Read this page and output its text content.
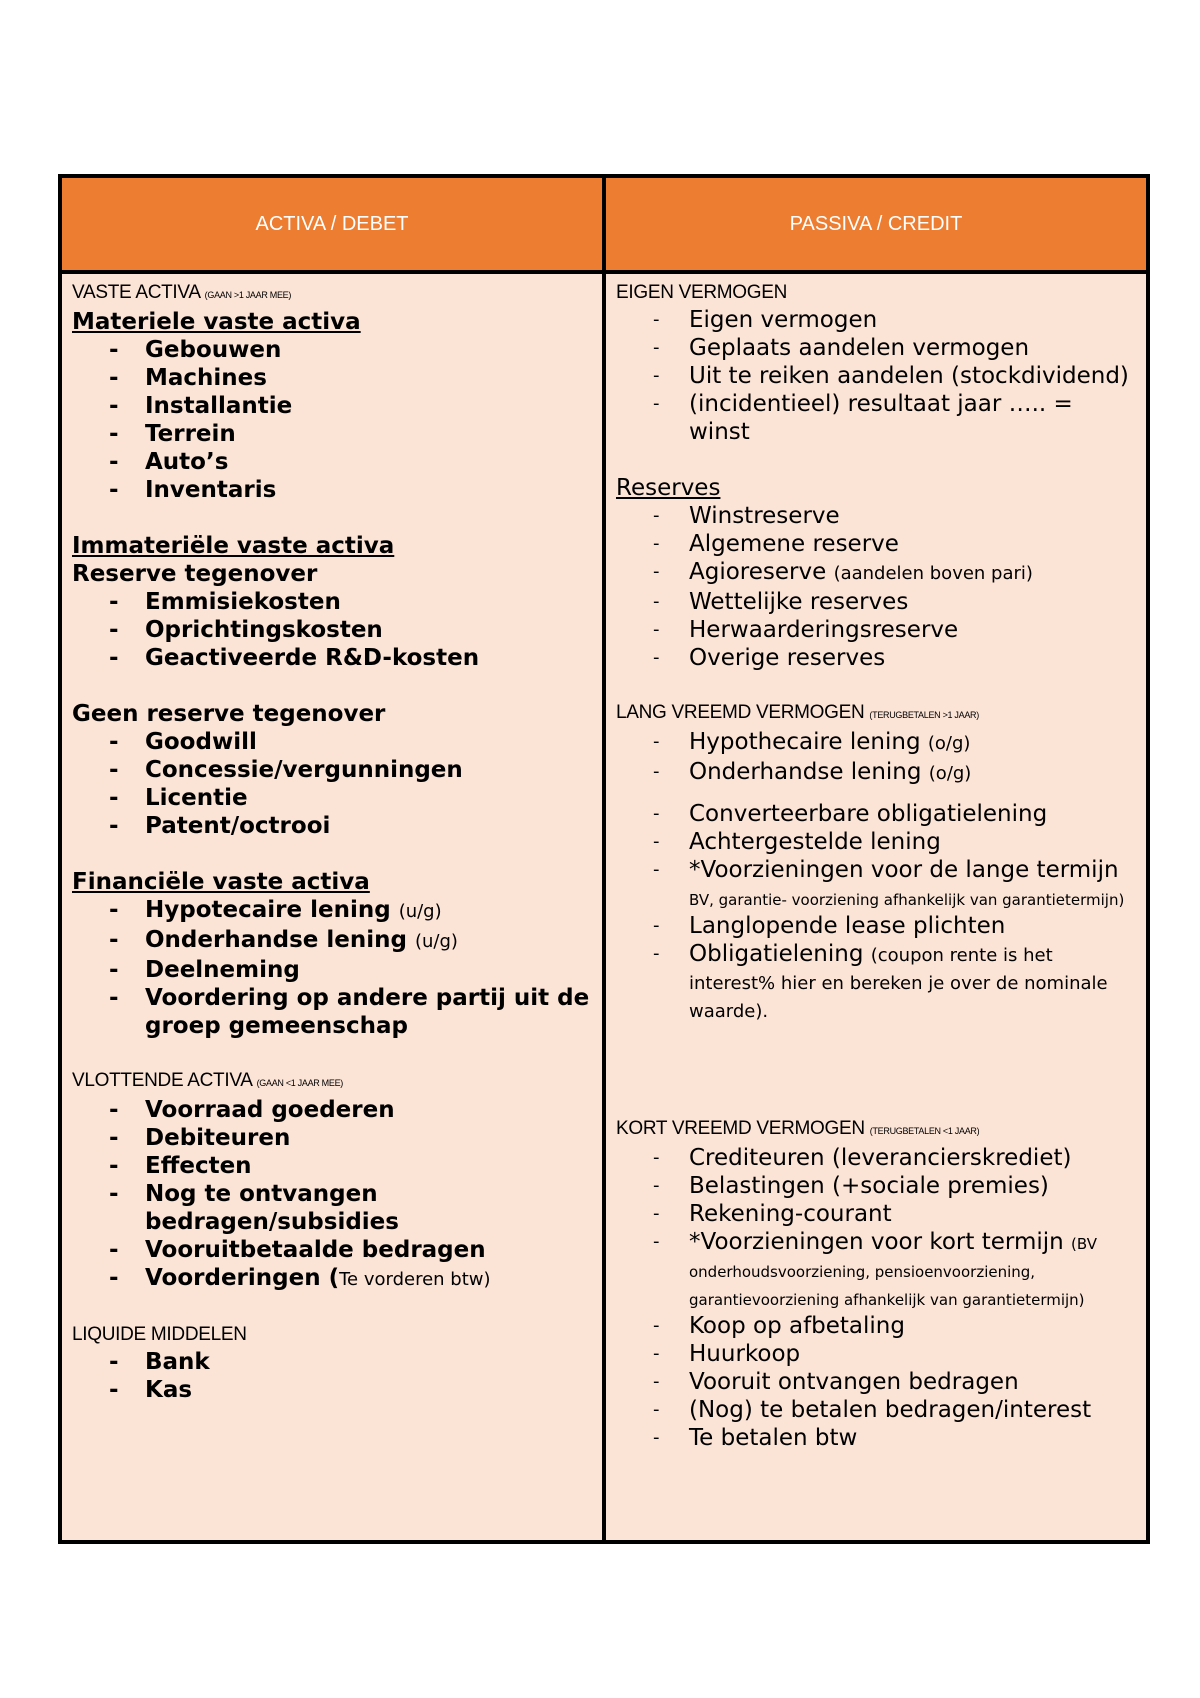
ACTIVA / DEBET	PASSIVA / CREDIT
VASTE ACTIVA (GAAN >1 JAAR MEE)
Materiele vaste activa
- Gebouwen
- Machines
- Installantie
- Terrein
- Auto’s
- Inventaris
Immateriële vaste activa
Reserve tegenover
- Emmisiekosten
- Oprichtingskosten
- Geactiveerde R&D-kosten
Geen reserve tegenover
- Goodwill
- Concessie/vergunningen
- Licentie
- Patent/octrooi
Financiële vaste activa
- Hypotecaire lening (u/g)
- Onderhandse lening (u/g)
- Deelneming
- Voordering op andere partij uit de groep gemeenschap
VLOTTENDE ACTIVA (GAAN <1 JAAR MEE)
- Voorraad goederen
- Debiteuren
- Effecten
- Nog te ontvangen bedragen/subsidies
- Vooruitbetaalde bedragen
- Voorderingen (Te vorderen btw)
LIQUIDE MIDDELEN
- Bank
- Kas
EIGEN VERMOGEN
- Eigen vermogen
- Geplaats aandelen vermogen
- Uit te reiken aandelen (stockdividend)
- (incidentieel) resultaat jaar ….. = winst
Reserves
- Winstreserve
- Algemene reserve
- Agioreserve (aandelen boven pari)
- Wettelijke reserves
- Herwaarderingsreserve
- Overige reserves
LANG VREEMD VERMOGEN (TERUGBETALEN >1 JAAR)
- Hypothecaire lening (o/g)
- Onderhandse lening (o/g)
- Converteerbare obligatielening
- Achtergestelde lening
- *Voorzieningen voor de lange termijn BV, garantie- voorziening afhankelijk van garantietermijn)
- Langlopende lease plichten
- Obligatielening (coupon rente is het interest% hier en bereken je over de nominale waarde).
KORT VREEMD VERMOGEN (TERUGBETALEN <1 JAAR)
- Crediteuren (leverancierskrediet)
- Belastingen (+sociale premies)
- Rekening-courant
- *Voorzieningen voor kort termijn (BV onderhoudsvoorziening, pensioenvoorziening, garantievoorziening afhankelijk van garantietermijn)
- Koop op afbetaling
- Huurkoop
- Vooruit ontvangen bedragen
- (Nog) te betalen bedragen/interest
- Te betalen btw
